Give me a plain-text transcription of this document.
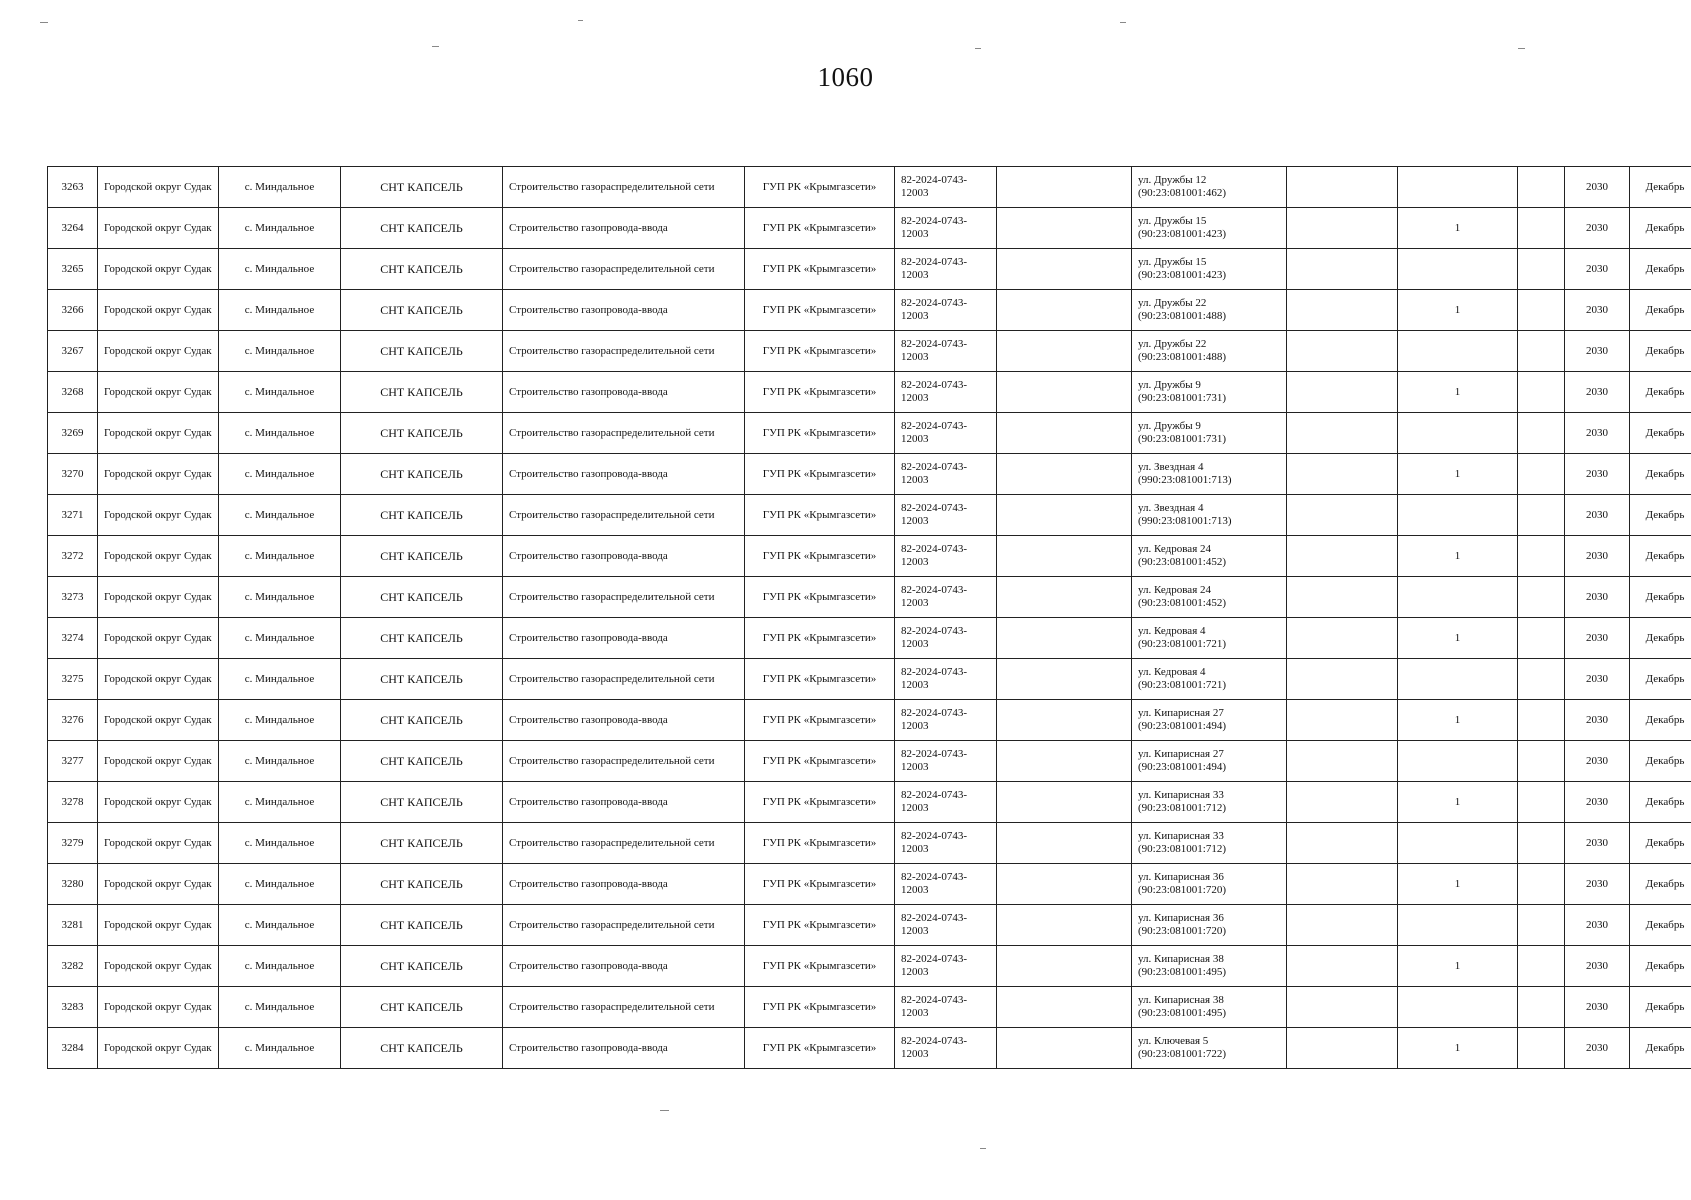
1060
3263	Городской округ Судак	с. Миндальное	СНТ КАПСЕЛЬ	Строительство газораспределительной сети	ГУП РК «Крымгазсети»	82-2024-0743-12003		ул. Дружбы 12 (90:23:081001:462)				2030	Декабрь
3264	Городской округ Судак	с. Миндальное	СНТ КАПСЕЛЬ	Строительство газопровода-ввода	ГУП РК «Крымгазсети»	82-2024-0743-12003		ул. Дружбы 15 (90:23:081001:423)		1		2030	Декабрь
3265	Городской округ Судак	с. Миндальное	СНТ КАПСЕЛЬ	Строительство газораспределительной сети	ГУП РК «Крымгазсети»	82-2024-0743-12003		ул. Дружбы 15 (90:23:081001:423)				2030	Декабрь
3266	Городской округ Судак	с. Миндальное	СНТ КАПСЕЛЬ	Строительство газопровода-ввода	ГУП РК «Крымгазсети»	82-2024-0743-12003		ул. Дружбы 22 (90:23:081001:488)		1		2030	Декабрь
3267	Городской округ Судак	с. Миндальное	СНТ КАПСЕЛЬ	Строительство газораспределительной сети	ГУП РК «Крымгазсети»	82-2024-0743-12003		ул. Дружбы 22 (90:23:081001:488)				2030	Декабрь
3268	Городской округ Судак	с. Миндальное	СНТ КАПСЕЛЬ	Строительство газопровода-ввода	ГУП РК «Крымгазсети»	82-2024-0743-12003		ул. Дружбы 9 (90:23:081001:731)		1		2030	Декабрь
3269	Городской округ Судак	с. Миндальное	СНТ КАПСЕЛЬ	Строительство газораспределительной сети	ГУП РК «Крымгазсети»	82-2024-0743-12003		ул. Дружбы 9 (90:23:081001:731)				2030	Декабрь
3270	Городской округ Судак	с. Миндальное	СНТ КАПСЕЛЬ	Строительство газопровода-ввода	ГУП РК «Крымгазсети»	82-2024-0743-12003		ул. Звездная 4 (990:23:081001:713)		1		2030	Декабрь
3271	Городской округ Судак	с. Миндальное	СНТ КАПСЕЛЬ	Строительство газораспределительной сети	ГУП РК «Крымгазсети»	82-2024-0743-12003		ул. Звездная 4 (990:23:081001:713)				2030	Декабрь
3272	Городской округ Судак	с. Миндальное	СНТ КАПСЕЛЬ	Строительство газопровода-ввода	ГУП РК «Крымгазсети»	82-2024-0743-12003		ул. Кедровая 24 (90:23:081001:452)		1		2030	Декабрь
3273	Городской округ Судак	с. Миндальное	СНТ КАПСЕЛЬ	Строительство газораспределительной сети	ГУП РК «Крымгазсети»	82-2024-0743-12003		ул. Кедровая 24 (90:23:081001:452)				2030	Декабрь
3274	Городской округ Судак	с. Миндальное	СНТ КАПСЕЛЬ	Строительство газопровода-ввода	ГУП РК «Крымгазсети»	82-2024-0743-12003		ул. Кедровая 4 (90:23:081001:721)		1		2030	Декабрь
3275	Городской округ Судак	с. Миндальное	СНТ КАПСЕЛЬ	Строительство газораспределительной сети	ГУП РК «Крымгазсети»	82-2024-0743-12003		ул. Кедровая 4 (90:23:081001:721)				2030	Декабрь
3276	Городской округ Судак	с. Миндальное	СНТ КАПСЕЛЬ	Строительство газопровода-ввода	ГУП РК «Крымгазсети»	82-2024-0743-12003		ул. Кипарисная 27 (90:23:081001:494)		1		2030	Декабрь
3277	Городской округ Судак	с. Миндальное	СНТ КАПСЕЛЬ	Строительство газораспределительной сети	ГУП РК «Крымгазсети»	82-2024-0743-12003		ул. Кипарисная 27 (90:23:081001:494)				2030	Декабрь
3278	Городской округ Судак	с. Миндальное	СНТ КАПСЕЛЬ	Строительство газопровода-ввода	ГУП РК «Крымгазсети»	82-2024-0743-12003		ул. Кипарисная 33 (90:23:081001:712)		1		2030	Декабрь
3279	Городской округ Судак	с. Миндальное	СНТ КАПСЕЛЬ	Строительство газораспределительной сети	ГУП РК «Крымгазсети»	82-2024-0743-12003		ул. Кипарисная 33 (90:23:081001:712)				2030	Декабрь
3280	Городской округ Судак	с. Миндальное	СНТ КАПСЕЛЬ	Строительство газопровода-ввода	ГУП РК «Крымгазсети»	82-2024-0743-12003		ул. Кипарисная 36 (90:23:081001:720)		1		2030	Декабрь
3281	Городской округ Судак	с. Миндальное	СНТ КАПСЕЛЬ	Строительство газораспределительной сети	ГУП РК «Крымгазсети»	82-2024-0743-12003		ул. Кипарисная 36 (90:23:081001:720)				2030	Декабрь
3282	Городской округ Судак	с. Миндальное	СНТ КАПСЕЛЬ	Строительство газопровода-ввода	ГУП РК «Крымгазсети»	82-2024-0743-12003		ул. Кипарисная 38 (90:23:081001:495)		1		2030	Декабрь
3283	Городской округ Судак	с. Миндальное	СНТ КАПСЕЛЬ	Строительство газораспределительной сети	ГУП РК «Крымгазсети»	82-2024-0743-12003		ул. Кипарисная 38 (90:23:081001:495)				2030	Декабрь
3284	Городской округ Судак	с. Миндальное	СНТ КАПСЕЛЬ	Строительство газопровода-ввода	ГУП РК «Крымгазсети»	82-2024-0743-12003		ул. Ключевая 5 (90:23:081001:722)		1		2030	Декабрь
